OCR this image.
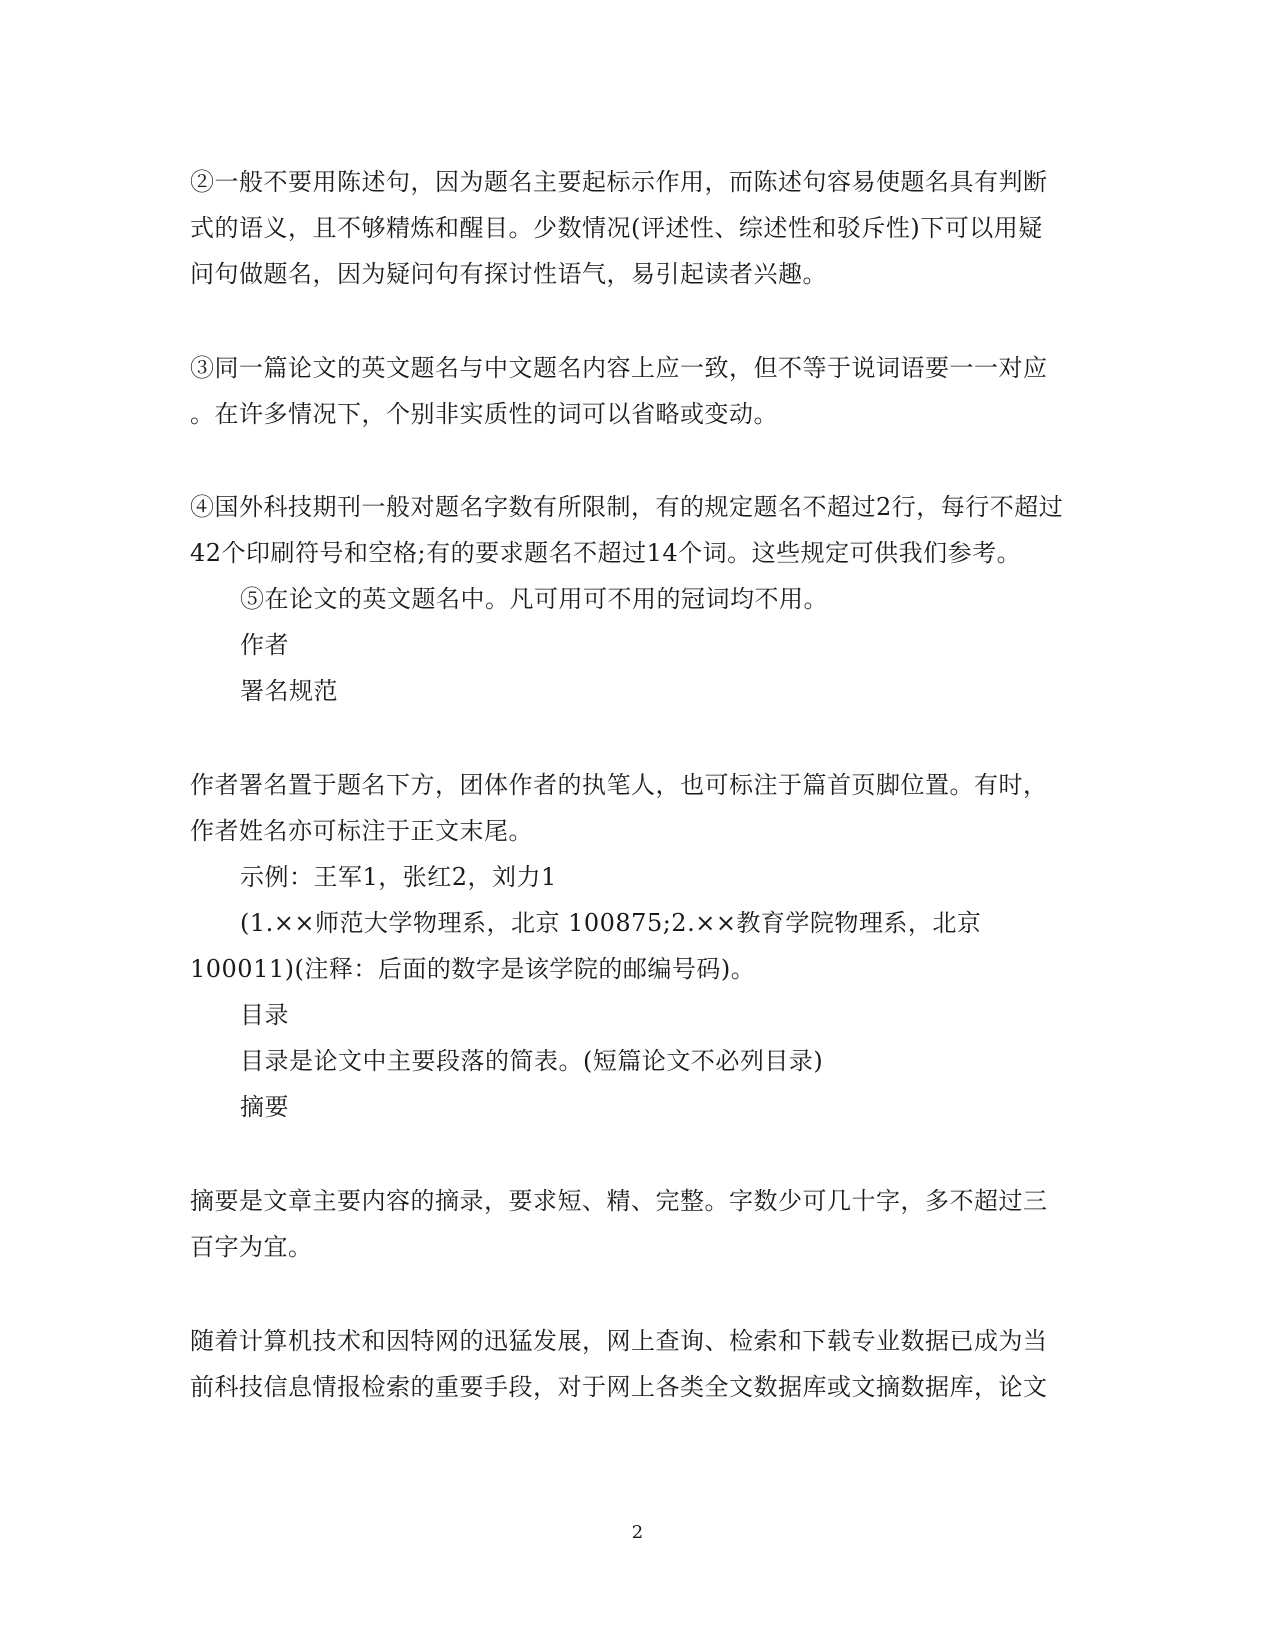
②一般不要用陈述句，因为题名主要起标示作用，而陈述句容易使题名具有判断
式的语义，且不够精炼和醒目。少数情况(评述性、综述性和驳斥性)下可以用疑
问句做题名，因为疑问句有探讨性语气，易引起读者兴趣。
③同一篇论文的英文题名与中文题名内容上应一致，但不等于说词语要一一对应
。在许多情况下，个别非实质性的词可以省略或变动。
④国外科技期刊一般对题名字数有所限制，有的规定题名不超过2行，每行不超过
42个印刷符号和空格;有的要求题名不超过14个词。这些规定可供我们参考。
⑤在论文的英文题名中。凡可用可不用的冠词均不用。
作者
署名规范
作者署名置于题名下方，团体作者的执笔人，也可标注于篇首页脚位置。有时，
作者姓名亦可标注于正文末尾。
示例：王军1，张红2，刘力1
(1.××师范大学物理系，北京 100875;2.××教育学院物理系，北京
100011)(注释：后面的数字是该学院的邮编号码)。
目录
目录是论文中主要段落的简表。(短篇论文不必列目录)
摘要
摘要是文章主要内容的摘录，要求短、精、完整。字数少可几十字，多不超过三
百字为宜。
随着计算机技术和因特网的迅猛发展，网上查询、检索和下载专业数据已成为当
前科技信息情报检索的重要手段，对于网上各类全文数据库或文摘数据库，论文
2
